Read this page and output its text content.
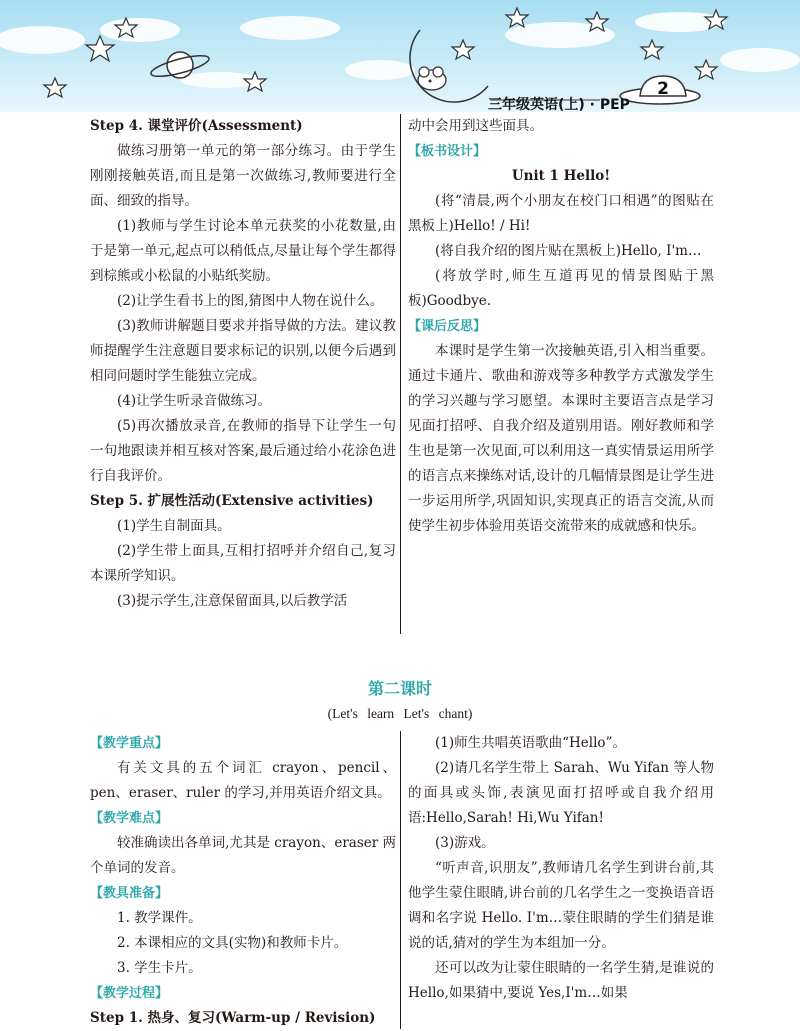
三年级英语(上) · PEP
2
Step 4. 课堂评价(Assessment)

做练习册第一单元的第一部分练习。由于学生刚刚接触英语,而且是第一次做练习,教师要进行全面、细致的指导。

(1)教师与学生讨论本单元获奖的小花数量,由于是第一单元,起点可以稍低点,尽量让每个学生都得到棕熊或小松鼠的小贴纸奖励。

(2)让学生看书上的图,猜图中人物在说什么。

(3)教师讲解题目要求并指导做的方法。建议教师提醒学生注意题目要求标记的识别,以便今后遇到相同问题时学生能独立完成。

(4)让学生听录音做练习。

(5)再次播放录音,在教师的指导下让学生一句一句地跟读并相互核对答案,最后通过给小花涂色进行自我评价。

Step 5. 扩展性活动(Extensive activities)

(1)学生自制面具。

(2)学生带上面具,互相打招呼并介绍自己,复习本课所学知识。

(3)提示学生,注意保留面具,以后教学活

动中会用到这些面具。

【板书设计】
Unit 1 Hello!

(将“清晨,两个小朋友在校门口相遇”的图贴在黑板上)Hello! / Hi!

(将自我介绍的图片贴在黑板上)Hello, I'm…

(将放学时,师生互道再见的情景图贴于黑板)Goodbye.

【课后反思】

本课时是学生第一次接触英语,引入相当重要。通过卡通片、歌曲和游戏等多种教学方式激发学生的学习兴趣与学习愿望。本课时主要语言点是学习见面打招呼、自我介绍及道别用语。刚好教师和学生也是第一次见面,可以利用这一真实情景运用所学的语言点来操练对话,设计的几幅情景图是让学生进一步运用所学,巩固知识,实现真正的语言交流,从而使学生初步体验用英语交流带来的成就感和快乐。

第二课时
(Let's learn Let's chant)
【教学重点】

有关文具的五个词汇 crayon、pencil、pen、eraser、ruler 的学习,并用英语介绍文具。

【教学难点】

较准确读出各单词,尤其是 crayon、eraser 两个单词的发音。

【教具准备】

1. 教学课件。

2. 本课相应的文具(实物)和教师卡片。

3. 学生卡片。

【教学过程】
Step 1. 热身、复习(Warm-up / Revision)

(1)师生共唱英语歌曲“Hello”。

(2)请几名学生带上 Sarah、Wu Yifan 等人物的面具或头饰,表演见面打招呼或自我介绍用语:Hello,Sarah! Hi,Wu Yifan!

(3)游戏。

“听声音,识朋友”,教师请几名学生到讲台前,其他学生蒙住眼睛,讲台前的几名学生之一变换语音语调和名字说 Hello. I'm…蒙住眼睛的学生们猜是谁说的话,猜对的学生为本组加一分。

还可以改为让蒙住眼睛的一名学生猜,是谁说的 Hello,如果猜中,要说 Yes,I'm…如果
